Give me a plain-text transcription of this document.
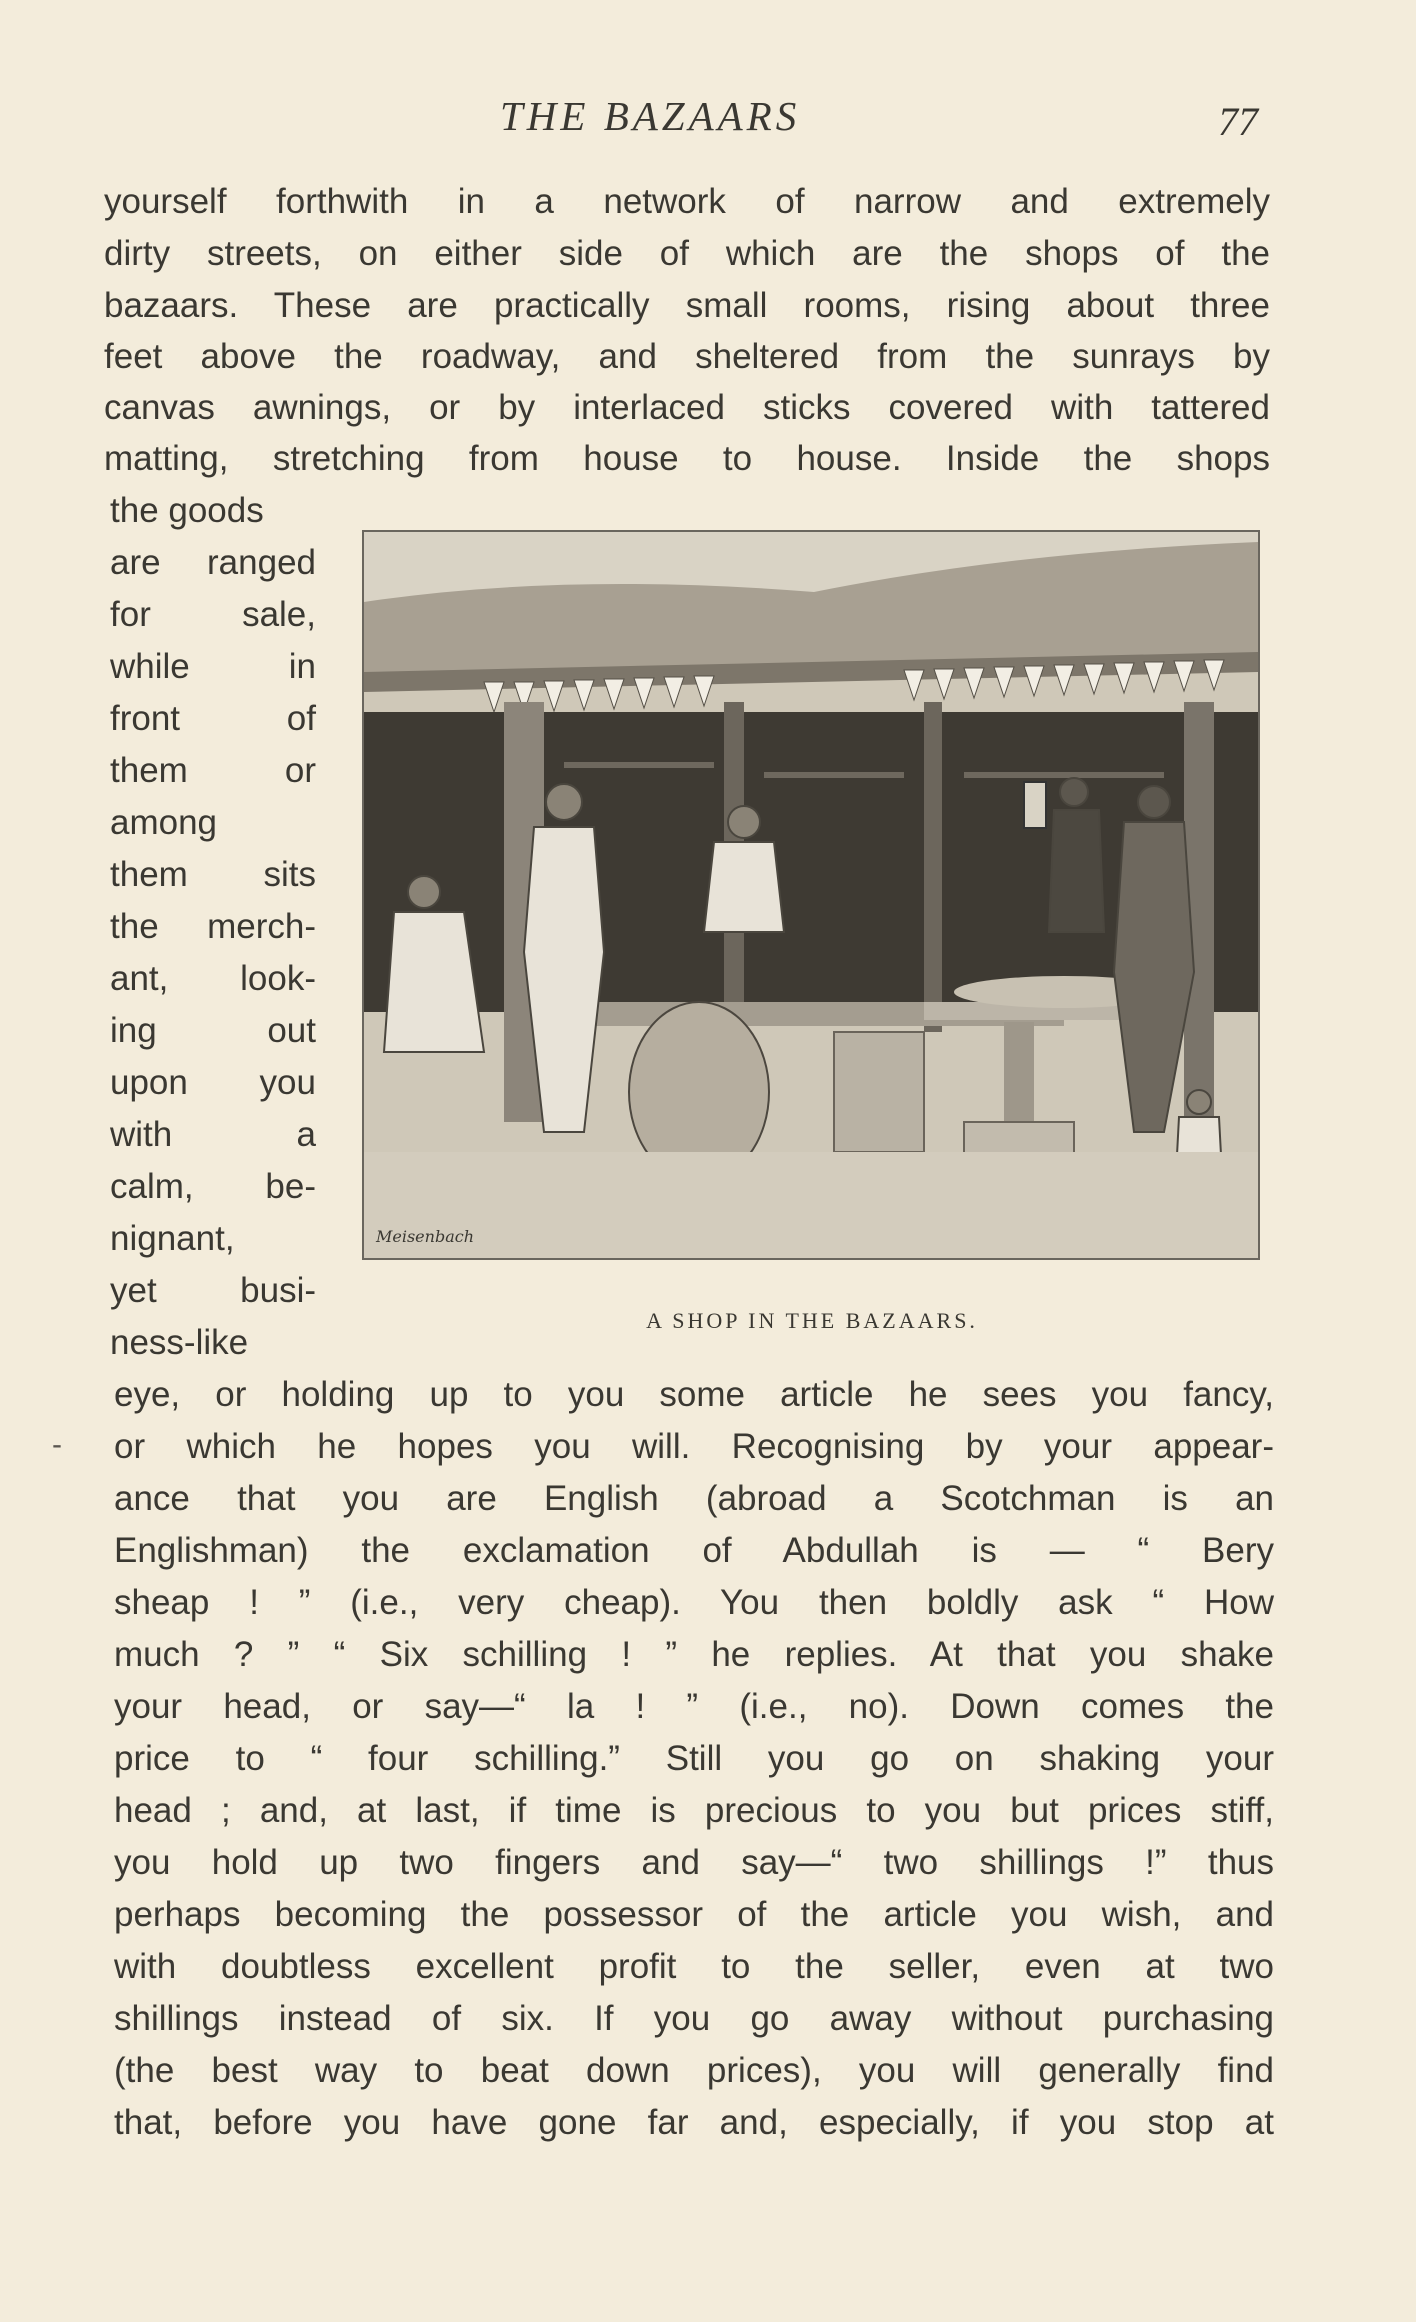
THE BAZAARS	77
yourself forthwith in a network of narrow and extremely
dirty streets, on either side of which are the shops of the
bazaars. These are practically small rooms, rising about three
feet above the roadway, and sheltered from the sunrays by
canvas awnings, or by interlaced sticks covered with tattered
matting, stretching from house to house. Inside the shops
the goods
are ranged
for sale,
while in
front of
them or
among
them sits
the merch-
ant, look-
ing out
upon you
with a
calm, be-
nignant,
yet busi-
ness-like
Meisenbach
A SHOP IN THE BAZAARS.
-
eye, or holding up to you some article he sees you fancy,
or which he hopes you will. Recognising by your appear-
ance that you are English (abroad a Scotchman is an
Englishman) the exclamation of Abdullah is — “ Bery
sheap ! ” (i.e., very cheap). You then boldly ask “ How
much ? ” “ Six schilling ! ” he replies. At that you shake
your head, or say—“ la ! ” (i.e., no). Down comes the
price to “ four schilling.” Still you go on shaking your
head ; and, at last, if time is precious to you but prices stiff,
you hold up two fingers and say—“ two shillings !” thus
perhaps becoming the possessor of the article you wish, and
with doubtless excellent profit to the seller, even at two
shillings instead of six. If you go away without purchasing
(the best way to beat down prices), you will generally find
that, before you have gone far and, especially, if you stop at
